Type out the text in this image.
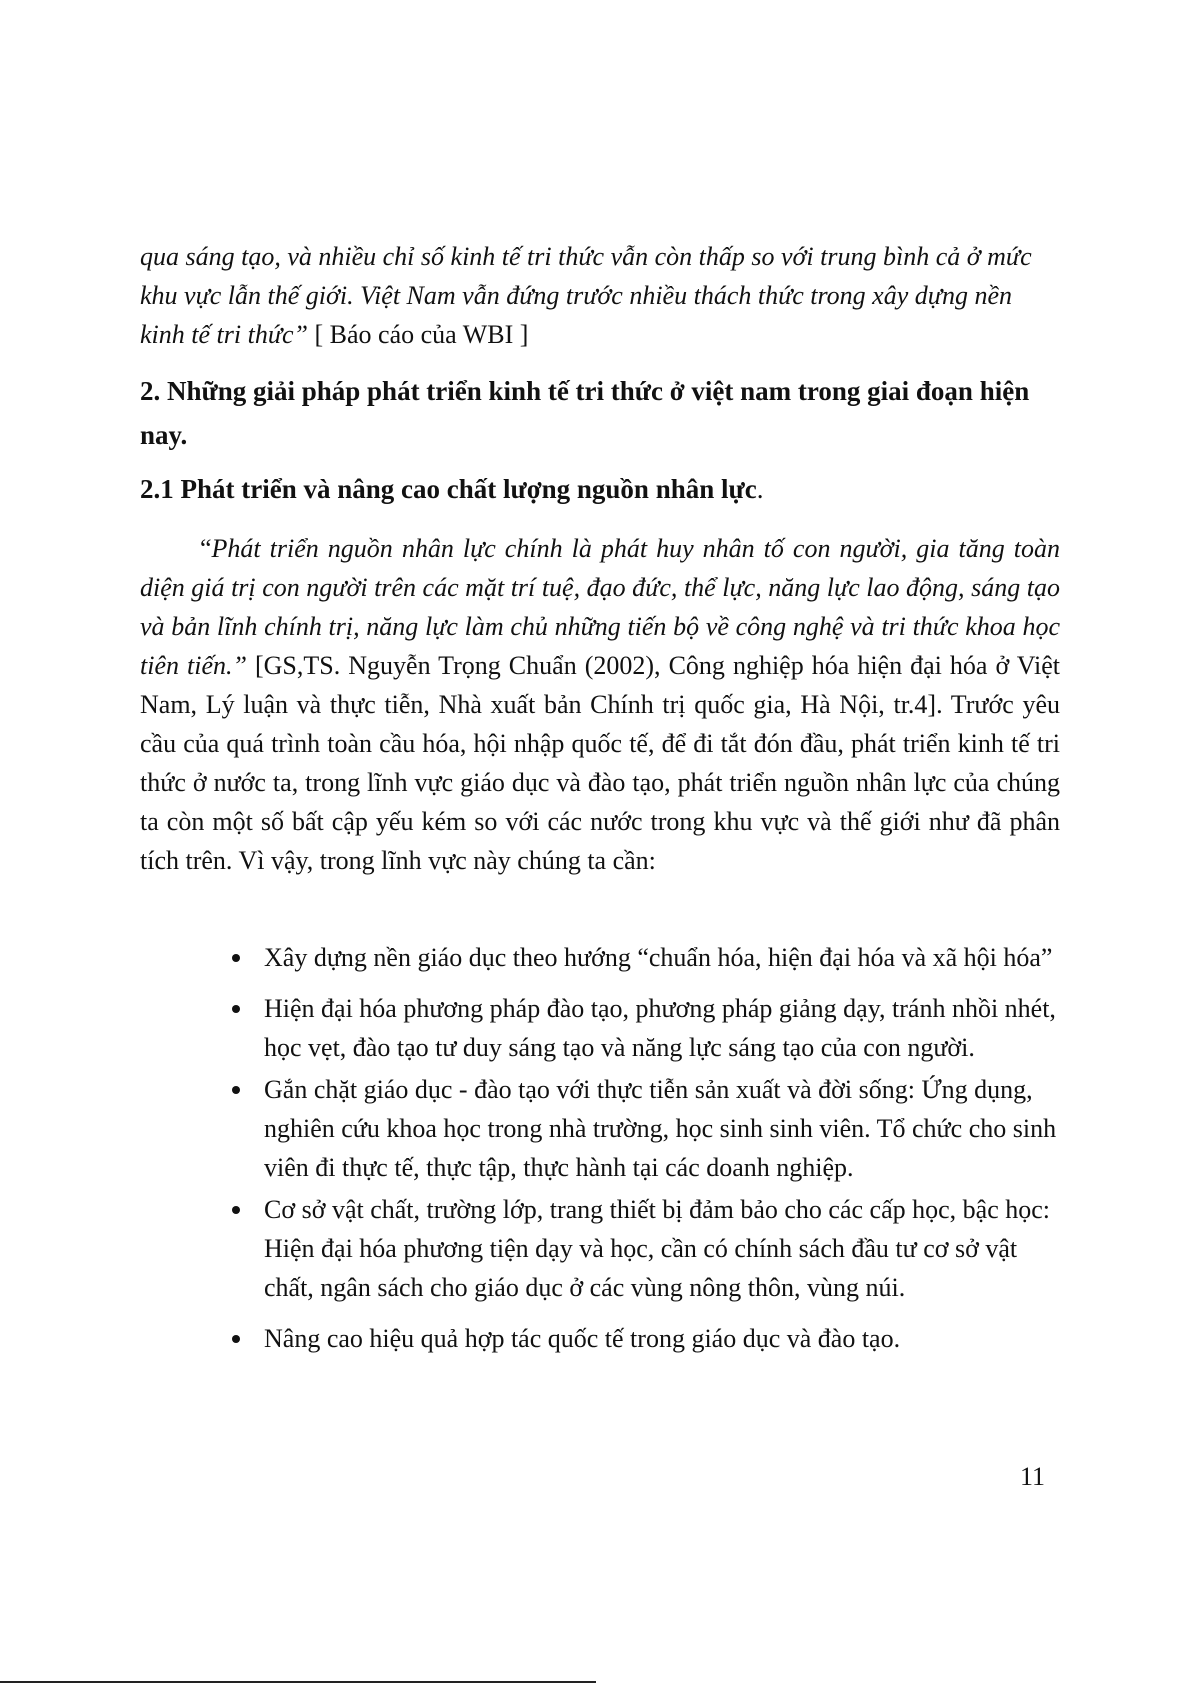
qua sáng tạo, và nhiều chỉ số kinh tế tri thức vẫn còn thấp so với trung bình cả ở mức khu vực lẫn thế giới. Việt Nam vẫn đứng trước nhiều thách thức trong xây dựng nền kinh tế tri thức” [ Báo cáo của WBI ]

2. Những giải pháp phát triển kinh tế tri thức ở việt nam trong giai đoạn hiện nay.

2.1 Phát triển và nâng cao chất lượng nguồn nhân lực.

“Phát triển nguồn nhân lực chính là phát huy nhân tố con người, gia tăng toàn diện giá trị con người trên các mặt trí tuệ, đạo đức, thể lực, năng lực lao động, sáng tạo và bản lĩnh chính trị, năng lực làm chủ những tiến bộ về công nghệ và tri thức khoa học tiên tiến.” [GS,TS. Nguyễn Trọng Chuẩn (2002), Công nghiệp hóa hiện đại hóa ở Việt Nam, Lý luận và thực tiễn, Nhà xuất bản Chính trị quốc gia, Hà Nội, tr.4]. Trước yêu cầu của quá trình toàn cầu hóa, hội nhập quốc tế, để đi tắt đón đầu, phát triển kinh tế tri thức ở nước ta, trong lĩnh vực giáo dục và đào tạo, phát triển nguồn nhân lực của chúng ta còn một số bất cập yếu kém so với các nước trong khu vực và thế giới như đã phân tích trên. Vì vậy, trong lĩnh vực này chúng ta cần:

Xây dựng nền giáo dục theo hướng “chuẩn hóa, hiện đại hóa và xã hội hóa”
Hiện đại hóa phương pháp đào tạo, phương pháp giảng dạy, tránh nhồi nhét, học vẹt, đào tạo tư duy sáng tạo và năng lực sáng tạo của con người.
Gắn chặt giáo dục - đào tạo với thực tiễn sản xuất và đời sống: Ứng dụng, nghiên cứu khoa học trong nhà trường, học sinh sinh viên. Tổ chức cho sinh viên đi thực tế, thực tập, thực hành tại các doanh nghiệp.
Cơ sở vật chất, trường lớp, trang thiết bị đảm bảo cho các cấp học, bậc học: Hiện đại hóa phương tiện dạy và học, cần có chính sách đầu tư cơ sở vật chất, ngân sách cho giáo dục ở các vùng nông thôn, vùng núi.
Nâng cao hiệu quả hợp tác quốc tế trong giáo dục và đào tạo.
11
